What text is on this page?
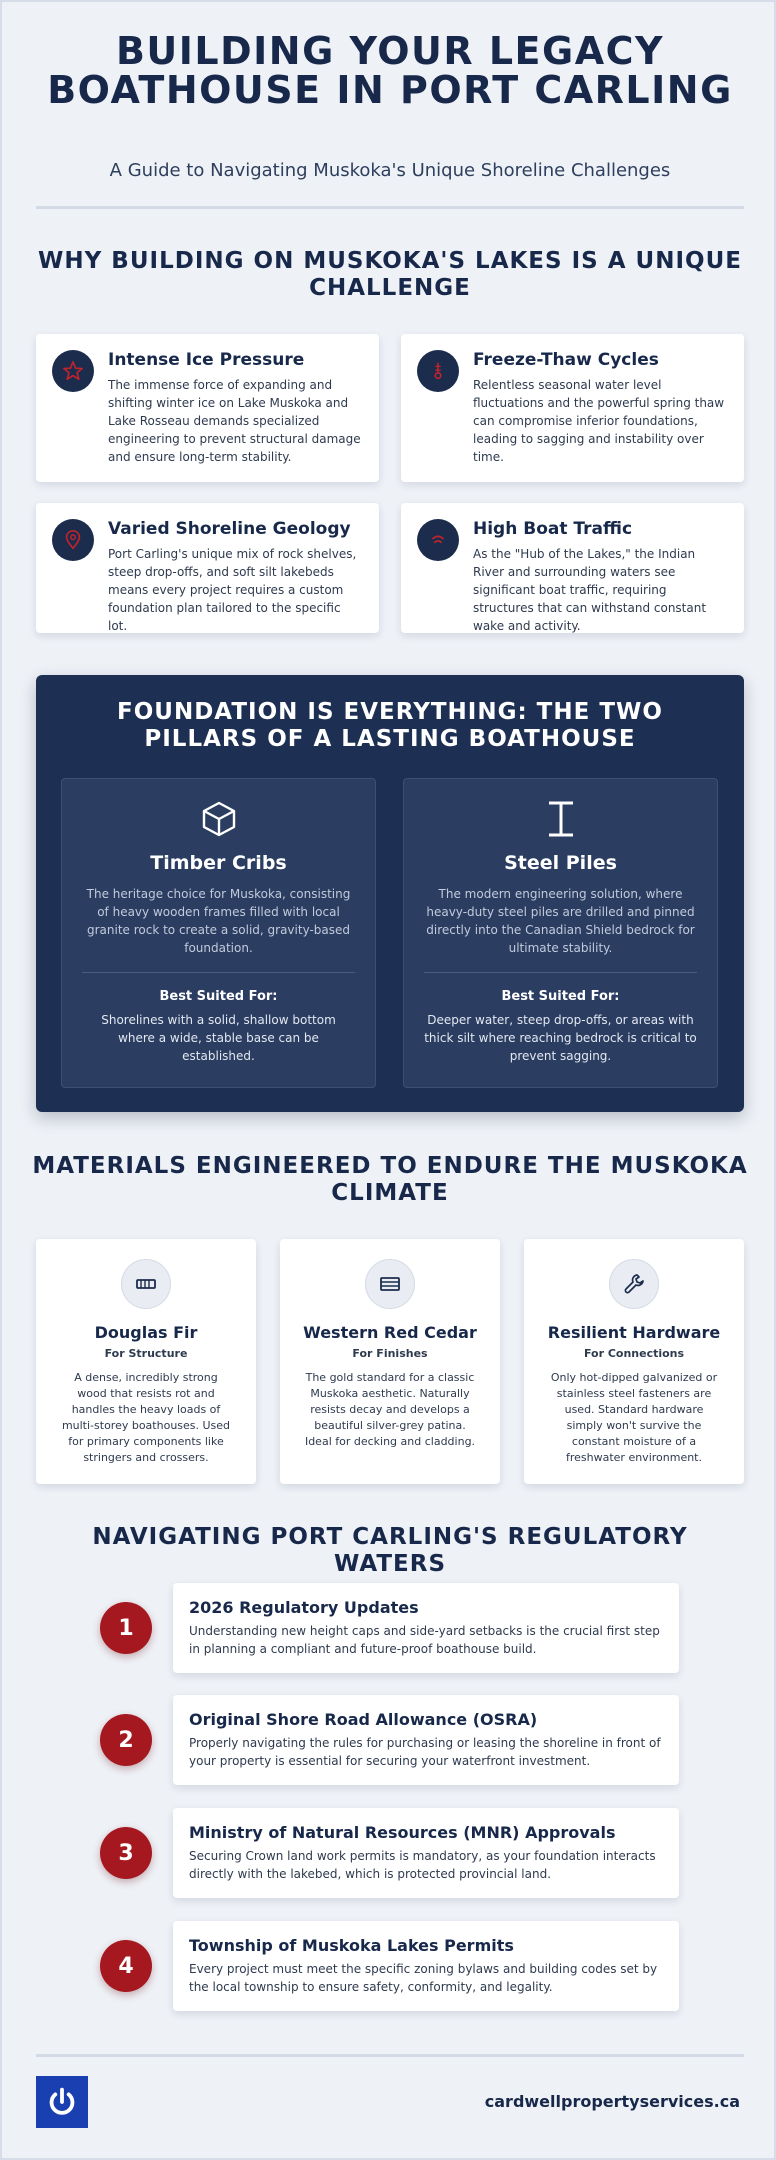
BUILDING YOUR LEGACY BOATHOUSE IN PORT CARLING
A Guide to Navigating Muskoka's Unique Shoreline Challenges
WHY BUILDING ON MUSKOKA'S LAKES IS A UNIQUE CHALLENGE
Intense Ice Pressure
The immense force of expanding and shifting winter ice on Lake Muskoka and Lake Rosseau demands specialized engineering to prevent structural damage and ensure long-term stability.
Freeze-Thaw Cycles
Relentless seasonal water level fluctuations and the powerful spring thaw can compromise inferior foundations, leading to sagging and instability over time.
Varied Shoreline Geology
Port Carling's unique mix of rock shelves, steep drop-offs, and soft silt lakebeds means every project requires a custom foundation plan tailored to the specific lot.
High Boat Traffic
As the "Hub of the Lakes," the Indian River and surrounding waters see significant boat traffic, requiring structures that can withstand constant wake and activity.
FOUNDATION IS EVERYTHING: THE TWO PILLARS OF A LASTING BOATHOUSE
Timber Cribs
The heritage choice for Muskoka, consisting of heavy wooden frames filled with local granite rock to create a solid, gravity-based foundation.
Best Suited For:
Shorelines with a solid, shallow bottom where a wide, stable base can be established.
Steel Piles
The modern engineering solution, where heavy-duty steel piles are drilled and pinned directly into the Canadian Shield bedrock for ultimate stability.
Best Suited For:
Deeper water, steep drop-offs, or areas with thick silt where reaching bedrock is critical to prevent sagging.
MATERIALS ENGINEERED TO ENDURE THE MUSKOKA CLIMATE
Douglas Fir
For Structure
A dense, incredibly strong wood that resists rot and handles the heavy loads of multi-storey boathouses. Used for primary components like stringers and crossers.
Western Red Cedar
For Finishes
The gold standard for a classic Muskoka aesthetic. Naturally resists decay and develops a beautiful silver-grey patina. Ideal for decking and cladding.
Resilient Hardware
For Connections
Only hot-dipped galvanized or stainless steel fasteners are used. Standard hardware simply won't survive the constant moisture of a freshwater environment.
NAVIGATING PORT CARLING'S REGULATORY WATERS
1
2026 Regulatory Updates
Understanding new height caps and side-yard setbacks is the crucial first step in planning a compliant and future-proof boathouse build.
2
Original Shore Road Allowance (OSRA)
Properly navigating the rules for purchasing or leasing the shoreline in front of your property is essential for securing your waterfront investment.
3
Ministry of Natural Resources (MNR) Approvals
Securing Crown land work permits is mandatory, as your foundation interacts directly with the lakebed, which is protected provincial land.
4
Township of Muskoka Lakes Permits
Every project must meet the specific zoning bylaws and building codes set by the local township to ensure safety, conformity, and legality.
cardwellpropertyservices.ca
